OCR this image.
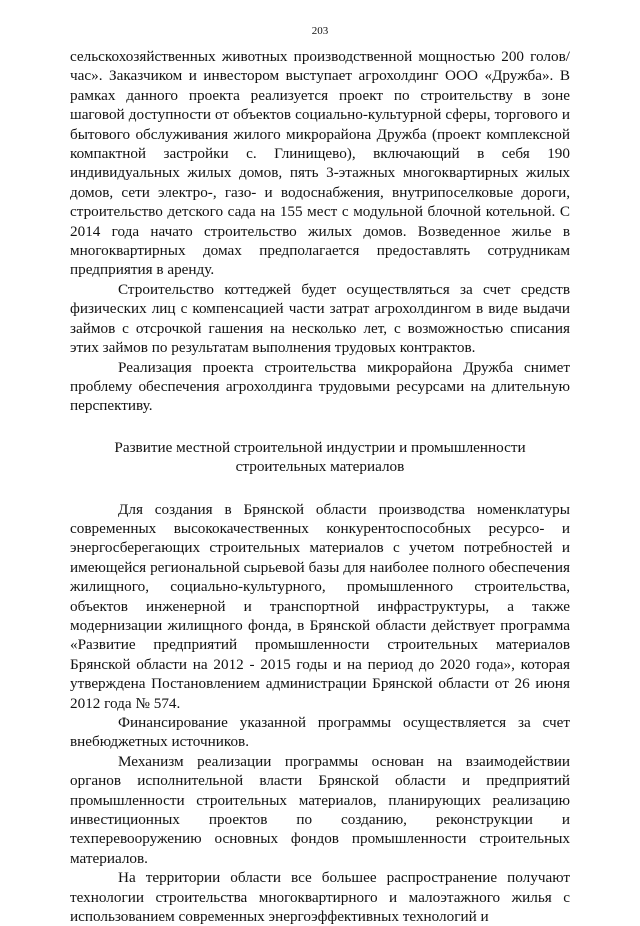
203

сельскохозяйственных животных производственной мощностью 200 голов/час». Заказчиком и инвестором выступает агрохолдинг ООО «Дружба». В рамках данного проекта реализуется проект по строительству в зоне шаговой доступности от объектов социально-культурной сферы, торгового и бытового обслуживания жилого микрорайона Дружба (проект комплексной компактной застройки с. Глинищево), включающий в себя 190 индивидуальных жилых домов, пять 3-этажных многоквартирных жилых домов, сети электро-, газо- и водоснабжения, внутрипоселковые дороги, строительство детского сада на 155 мест с модульной блочной котельной. С 2014 года начато строительство жилых домов. Возведенное жилье в многоквартирных домах предполагается предоставлять сотрудникам предприятия в аренду.

Строительство коттеджей будет осуществляться за счет средств физических лиц с компенсацией части затрат агрохолдингом в виде выдачи займов с отсрочкой гашения на несколько лет, с возможностью списания этих займов по результатам выполнения трудовых контрактов.

Реализация проекта строительства микрорайона Дружба снимет проблему обеспечения агрохолдинга трудовыми ресурсами на длительную перспективу.

Развитие местной строительной индустрии и промышленности
строительных материалов

Для создания в Брянской области производства номенклатуры современных высококачественных конкурентоспособных ресурсо- и энергосберегающих строительных материалов с учетом потребностей и имеющейся региональной сырьевой базы для наиболее полного обеспечения жилищного, социально-культурного, промышленного строительства, объектов инженерной и транспортной инфраструктуры, а также модернизации жилищного фонда, в Брянской области действует программа «Развитие предприятий промышленности строительных материалов Брянской области на 2012 - 2015 годы и на период до 2020 года», которая утверждена Постановлением администрации Брянской области от 26 июня 2012 года № 574.

Финансирование указанной программы осуществляется за счет внебюджетных источников.

Механизм реализации программы основан на взаимодействии органов исполнительной власти Брянской области и предприятий промышленности строительных материалов, планирующих реализацию инвестиционных проектов по созданию, реконструкции и техперевооружению основных фондов промышленности строительных материалов.

На территории области все большее распространение получают технологии строительства многоквартирного и малоэтажного жилья с использованием современных энергоэффективных технологий и
